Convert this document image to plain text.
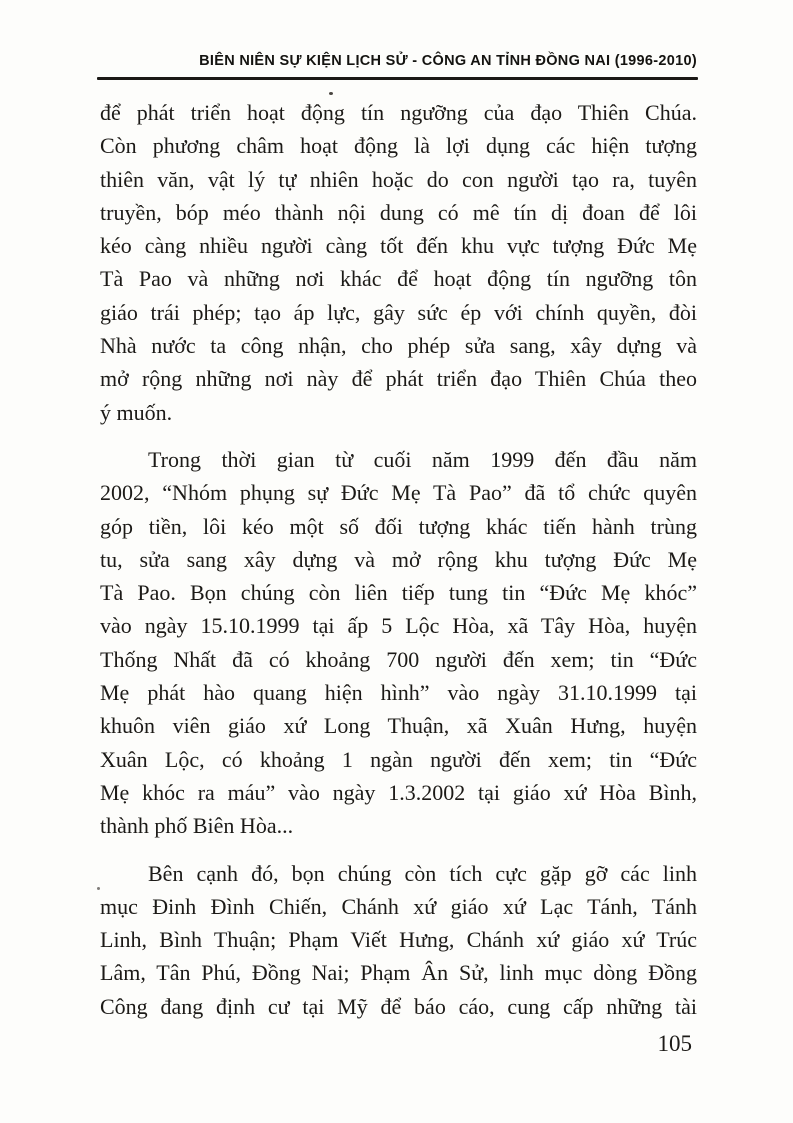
BIÊN NIÊN SỰ KIỆN LỊCH SỬ - CÔNG AN TỈNH ĐỒNG NAI (1996-2010)
để phát triển hoạt động tín ngưỡng của đạo Thiên Chúa.
Còn phương châm hoạt động là lợi dụng các hiện tượng
thiên văn, vật lý tự nhiên hoặc do con người tạo ra, tuyên
truyền, bóp méo thành nội dung có mê tín dị đoan để lôi
kéo càng nhiều người càng tốt đến khu vực tượng Đức Mẹ
Tà Pao và những nơi khác để hoạt động tín ngưỡng tôn
giáo trái phép; tạo áp lực, gây sức ép với chính quyền, đòi
Nhà nước ta công nhận, cho phép sửa sang, xây dựng và
mở rộng những nơi này để phát triển đạo Thiên Chúa theo
ý muốn.
Trong thời gian từ cuối năm 1999 đến đầu năm
2002, “Nhóm phụng sự Đức Mẹ Tà Pao” đã tổ chức quyên
góp tiền, lôi kéo một số đối tượng khác tiến hành trùng
tu, sửa sang xây dựng và mở rộng khu tượng Đức Mẹ
Tà Pao. Bọn chúng còn liên tiếp tung tin “Đức Mẹ khóc”
vào ngày 15.10.1999 tại ấp 5 Lộc Hòa, xã Tây Hòa, huyện
Thống Nhất đã có khoảng 700 người đến xem; tin “Đức
Mẹ phát hào quang hiện hình” vào ngày 31.10.1999 tại
khuôn viên giáo xứ Long Thuận, xã Xuân Hưng, huyện
Xuân Lộc, có khoảng 1 ngàn người đến xem; tin “Đức
Mẹ khóc ra máu” vào ngày 1.3.2002 tại giáo xứ Hòa Bình,
thành phố Biên Hòa...
Bên cạnh đó, bọn chúng còn tích cực gặp gỡ các linh
mục Đinh Đình Chiến, Chánh xứ giáo xứ Lạc Tánh, Tánh
Linh, Bình Thuận; Phạm Viết Hưng, Chánh xứ giáo xứ Trúc
Lâm, Tân Phú, Đồng Nai; Phạm Ân Sử, linh mục dòng Đồng
Công đang định cư tại Mỹ để báo cáo, cung cấp những tài
105
